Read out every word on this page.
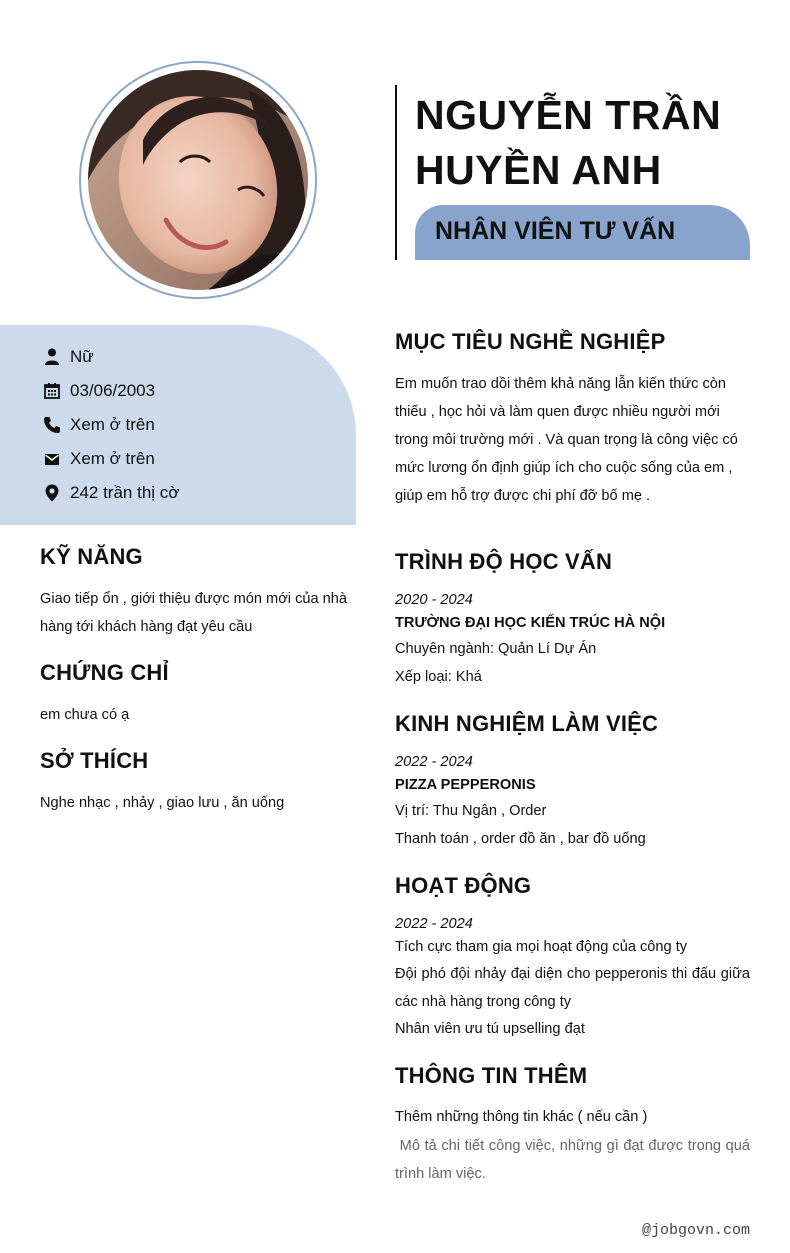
NGUYỄN TRẦN
HUYỀN ANH
NHÂN VIÊN TƯ VẤN
Nữ
03/06/2003
Xem ở trên
Xem ở trên
242 trần thị cờ
KỸ NĂNG
Giao tiếp ổn , giới thiệu được món mới của nhà hàng tới khách hàng đạt yêu cầu
CHỨNG CHỈ
em chưa có ạ
SỞ THÍCH
Nghe nhạc , nhảy , giao lưu , ăn uống
MỤC TIÊU NGHỀ NGHIỆP
Em muốn trao dồi thêm khả năng lẫn kiến thức còn thiếu , học hỏi và làm quen được nhiều người mới trong môi trường mới . Và quan trọng là công việc có mức lương ổn định giúp ích cho cuộc sống của em , giúp em hỗ trợ được chi phí đỡ bố mẹ .
TRÌNH ĐỘ HỌC VẤN
2020 - 2024
TRƯỜNG ĐẠI HỌC KIẾN TRÚC HÀ NỘI
Chuyên ngành: Quản Lí Dự Án
Xếp loại: Khá
KINH NGHIỆM LÀM VIỆC
2022 - 2024
PIZZA PEPPERONIS
Vị trí: Thu Ngân , Order
Thanh toán , order đồ ăn , bar đồ uống
HOẠT ĐỘNG
2022 - 2024
Tích cực tham gia mọi hoạt động của công ty
Đội phó đội nhảy đại diện cho pepperonis thi đấu giữa các nhà hàng trong công ty
Nhân viên ưu tú upselling đạt
THÔNG TIN THÊM
Thêm những thông tin khác ( nếu cần )
Mô tả chi tiết công việc, những gì đạt được trong quá trình làm việc.
@jobgovn.com
